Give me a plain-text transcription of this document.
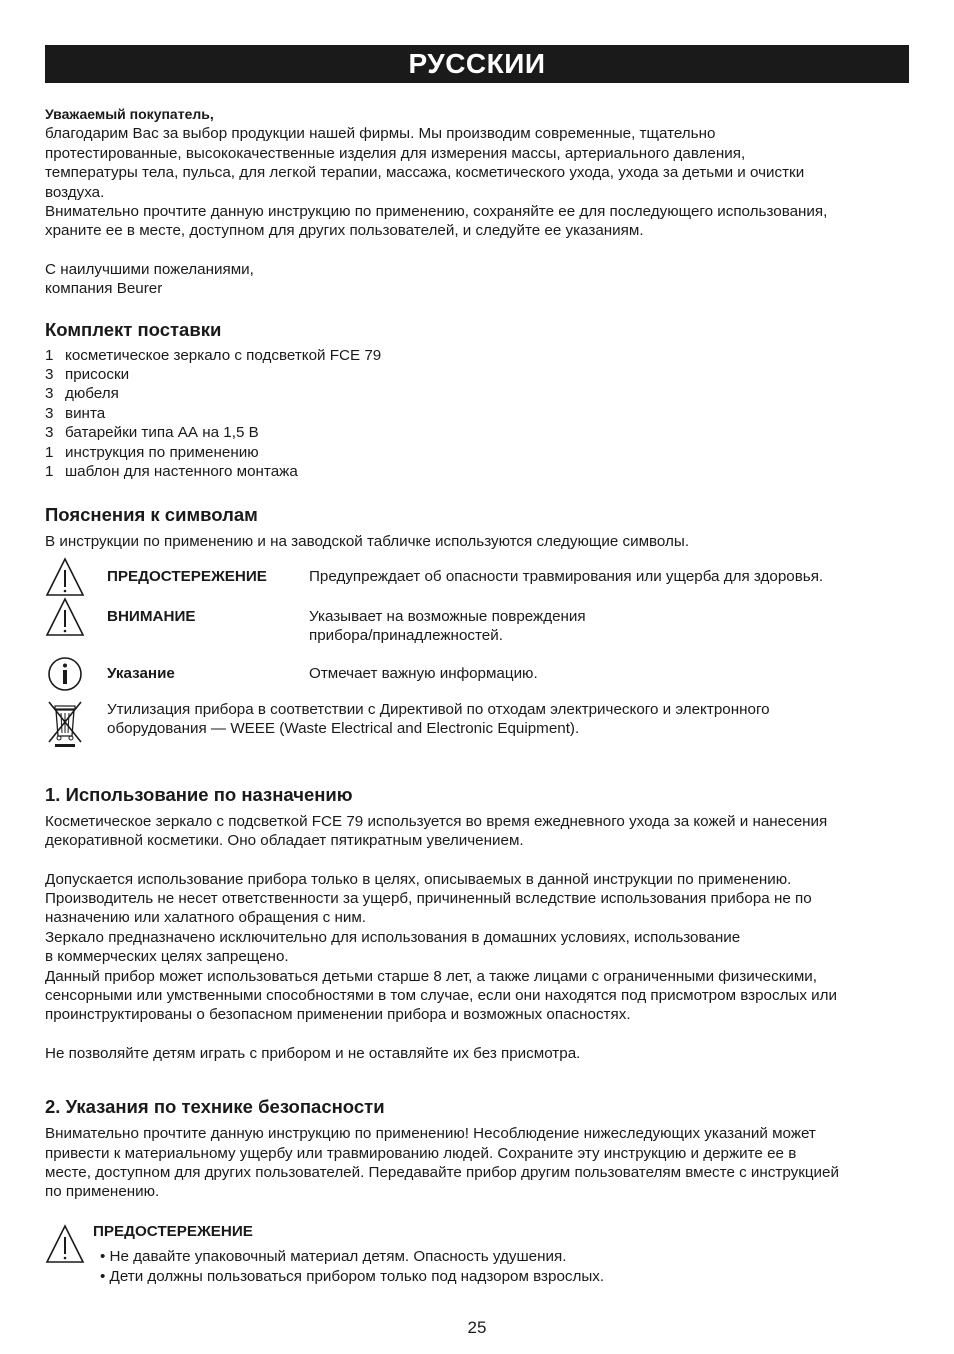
РУССКИИ

Уважаемый покупатель,

благодарим Вас за выбор продукции нашей фирмы. Мы производим современные, тщательно

протестированные, высококачественные изделия для измерения массы, артериального давления,

температуры тела, пульса, для легкой терапии, массажа, косметического ухода, ухода за детьми и очистки

воздуха.

Внимательно прочтите данную инструкцию по применению, сохраняйте ее для последующего использования,

храните ее в месте, доступном для других пользователей, и следуйте ее указаниям.

С наилучшими пожеланиями,

компания Beurer

Комплект поставки
1 косметическое зеркало с подсветкой FCE 79
3 присоски
3 дюбеля
3 винта
3 батарейки типа АА на 1,5 В
1 инструкция по применению
1 шаблон для настенного монтажа
Пояснения к символам

В инструкции по применению и на заводской табличке используются следующие символы.

ПРЕДОСТЕРЕЖЕНИЕ	Предупреждает об опасности травмирования или ущерба для здоровья.
ВНИМАНИЕ	Указывает на возможные повреждения
прибора/принадлежностей.
Указание	Отмечает важную информацию.
Утилизация прибора в соответствии с Директивой по отходам электрического и электронного
оборудования — WEEE (Waste Electrical and Electronic Equipment).
1. Использование по назначению

Косметическое зеркало с подсветкой FCE 79 используется во время ежедневного ухода за кожей и нанесения

декоративной косметики. Оно обладает пятикратным увеличением.

Допускается использование прибора только в целях, описываемых в данной инструкции по применению.

Производитель не несет ответственности за ущерб, причиненный вследствие использования прибора не по

назначению или халатного обращения с ним.

Зеркало предназначено исключительно для использования в домашних условиях, использование

в коммерческих целях запрещено.

Данный прибор может использоваться детьми старше 8 лет, а также лицами с ограниченными физическими,

сенсорными или умственными способностями в том случае, если они находятся под присмотром взрослых или

проинструктированы о безопасном применении прибора и возможных опасностях.

Не позволяйте детям играть с прибором и не оставляйте их без присмотра.

2. Указания по технике безопасности

Внимательно прочтите данную инструкцию по применению! Несоблюдение нижеследующих указаний может

привести к материальному ущербу или травмированию людей. Сохраните эту инструкцию и держите ее в

месте, доступном для других пользователей. Передавайте прибор другим пользователям вместе с инструкцией

по применению.

ПРЕДОСТЕРЕЖЕНИЕ
• Не давайте упаковочный материал детям. Опасность удушения.
• Дети должны пользоваться прибором только под надзором взрослых.
25
